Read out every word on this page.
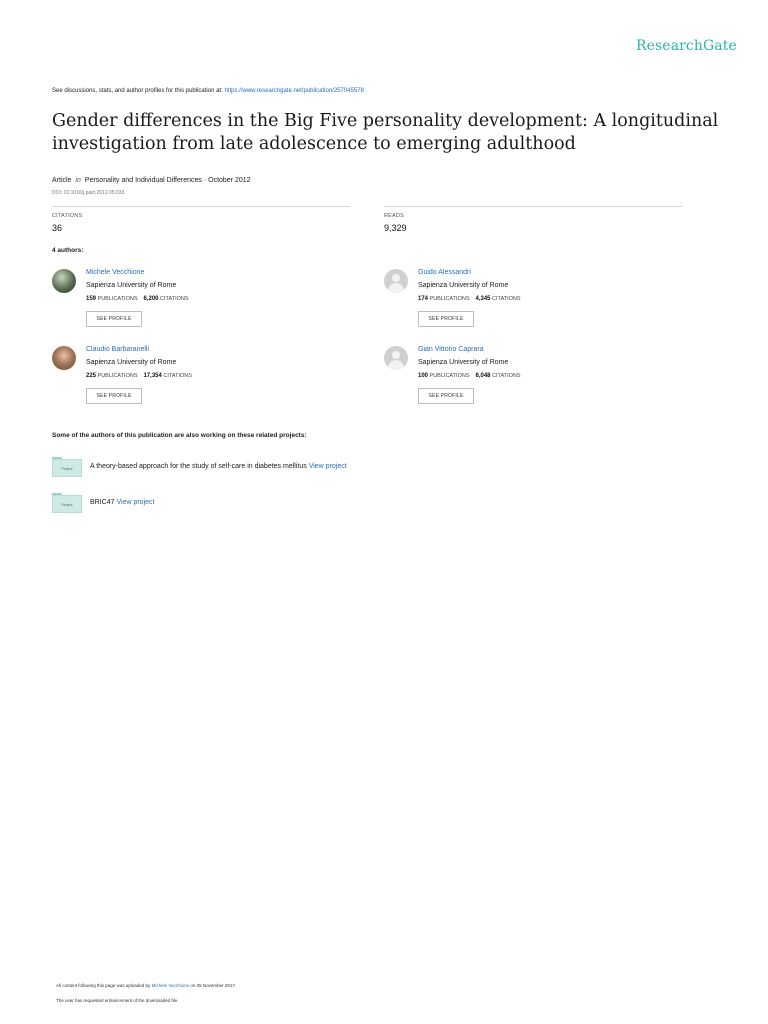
ResearchGate
See discussions, stats, and author profiles for this publication at: https://www.researchgate.net/publication/257045578
Gender differences in the Big Five personality development: A longitudinal
investigation from late adolescence to emerging adulthood
Article in Personality and Individual Differences · October 2012
DOI: 10.1016/j.paid.2012.05.033
CITATIONS
36
READS
9,329
4 authors:
Michele Vecchione
Sapienza University of Rome
159 PUBLICATIONS 6,200 CITATIONS
SEE PROFILE
Guido Alessandri
Sapienza University of Rome
174 PUBLICATIONS 4,345 CITATIONS
SEE PROFILE
Claudio Barbaranelli
Sapienza University of Rome
225 PUBLICATIONS 17,354 CITATIONS
SEE PROFILE
Gian Vittorio Caprara
Sapienza University of Rome
100 PUBLICATIONS 6,048 CITATIONS
SEE PROFILE
Some of the authors of this publication are also working on these related projects:
Project	A theory-based approach for the study of self-care in diabetes mellitus View project
Project	BRIC47 View project
All content following this page was uploaded by Michele Vecchione on 05 November 2017.
The user has requested enhancement of the downloaded file.
